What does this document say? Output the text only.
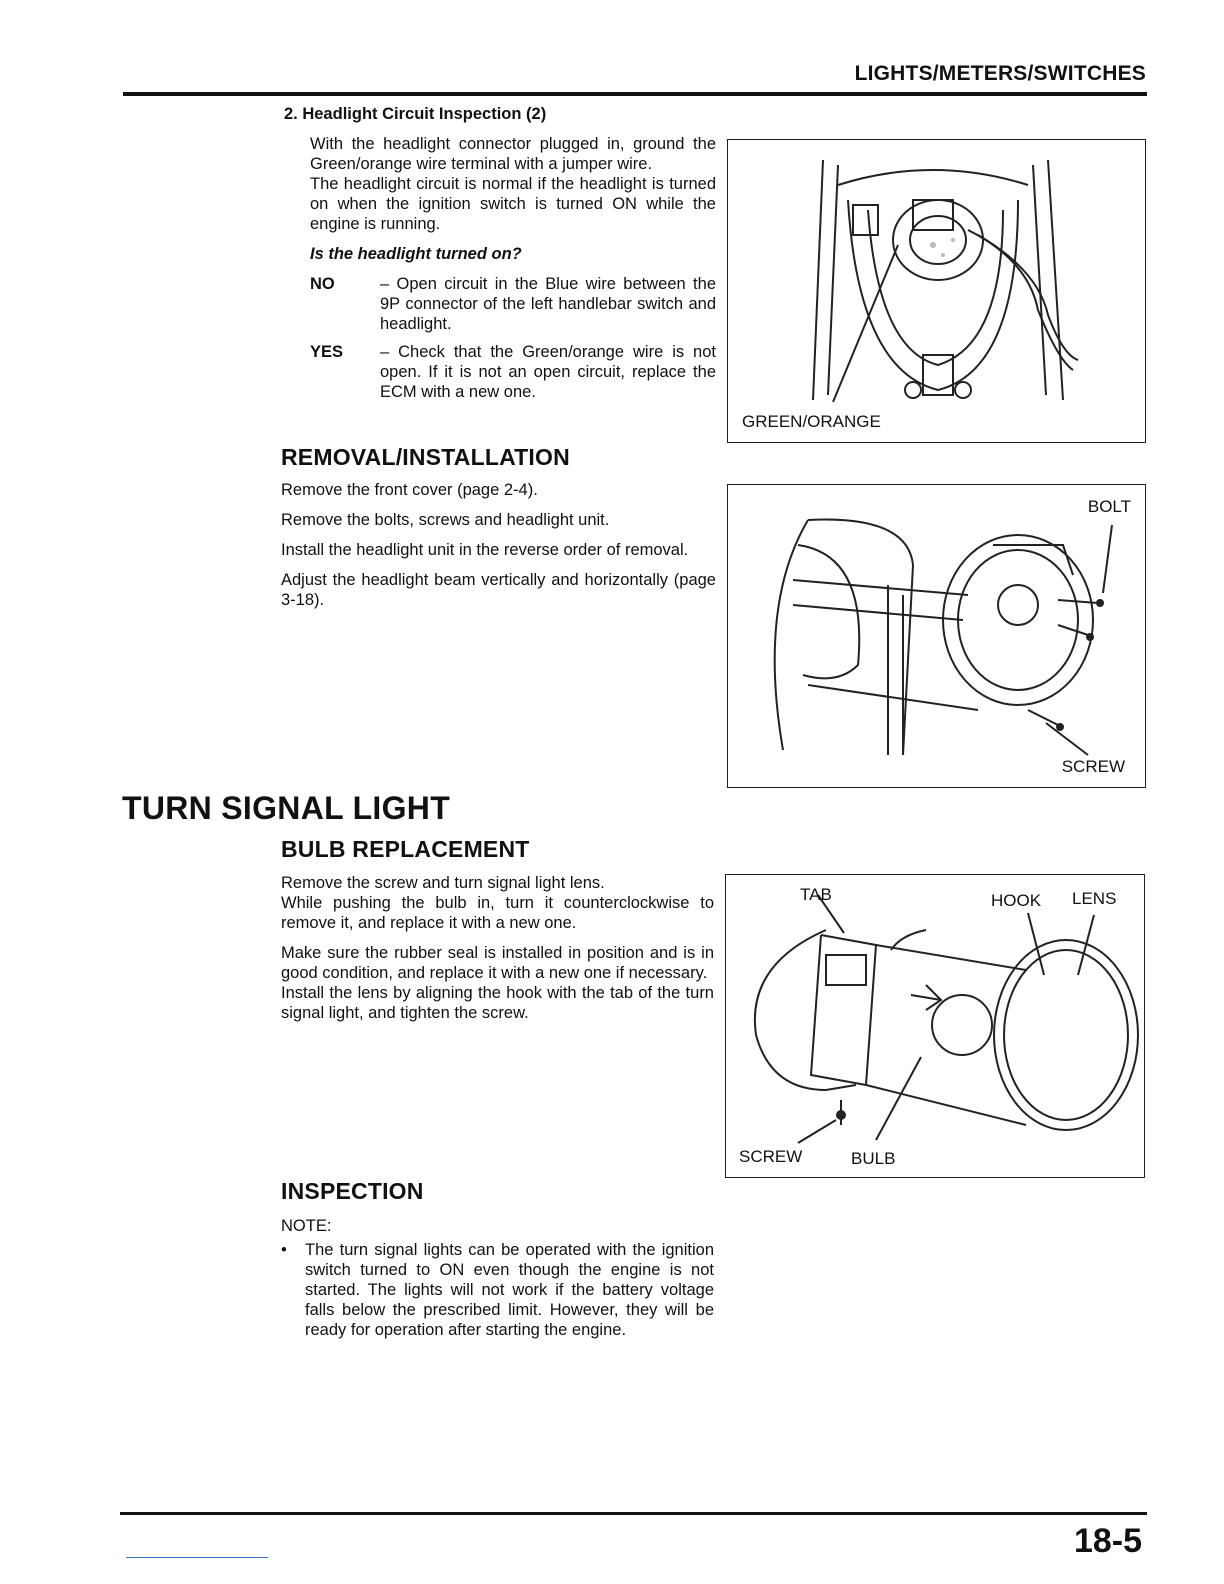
LIGHTS/METERS/SWITCHES
2. Headlight Circuit Inspection (2)
With the headlight connector plugged in, ground the Green/orange wire terminal with a jumper wire.
The headlight circuit is normal if the headlight is turned on when the ignition switch is turned ON while the engine is running.
Is the headlight turned on?
NO	– Open circuit in the Blue wire between the 9P connector of the left handlebar switch and headlight.
YES	– Check that the Green/orange wire is not open. If it is not an open circuit, replace the ECM with a new one.
GREEN/ORANGE
REMOVAL/INSTALLATION

Remove the front cover (page 2-4).

Remove the bolts, screws and headlight unit.

Install the headlight unit in the reverse order of removal.

Adjust the headlight beam vertically and horizontally (page 3-18).

BOLT
SCREW
TURN SIGNAL LIGHT
BULB REPLACEMENT
Remove the screw and turn signal light lens.
While pushing the bulb in, turn it counterclockwise to remove it, and replace it with a new one.
Make sure the rubber seal is installed in position and is in good condition, and replace it with a new one if necessary.
Install the lens by aligning the hook with the tab of the turn signal light, and tighten the screw.
TAB	HOOK LENS
SCREW	BULB
INSPECTION
NOTE:
•	The turn signal lights can be operated with the ignition switch turned to ON even though the engine is not started. The lights will not work if the battery voltage falls below the prescribed limit. However, they will be ready for operation after starting the engine.
18-5
